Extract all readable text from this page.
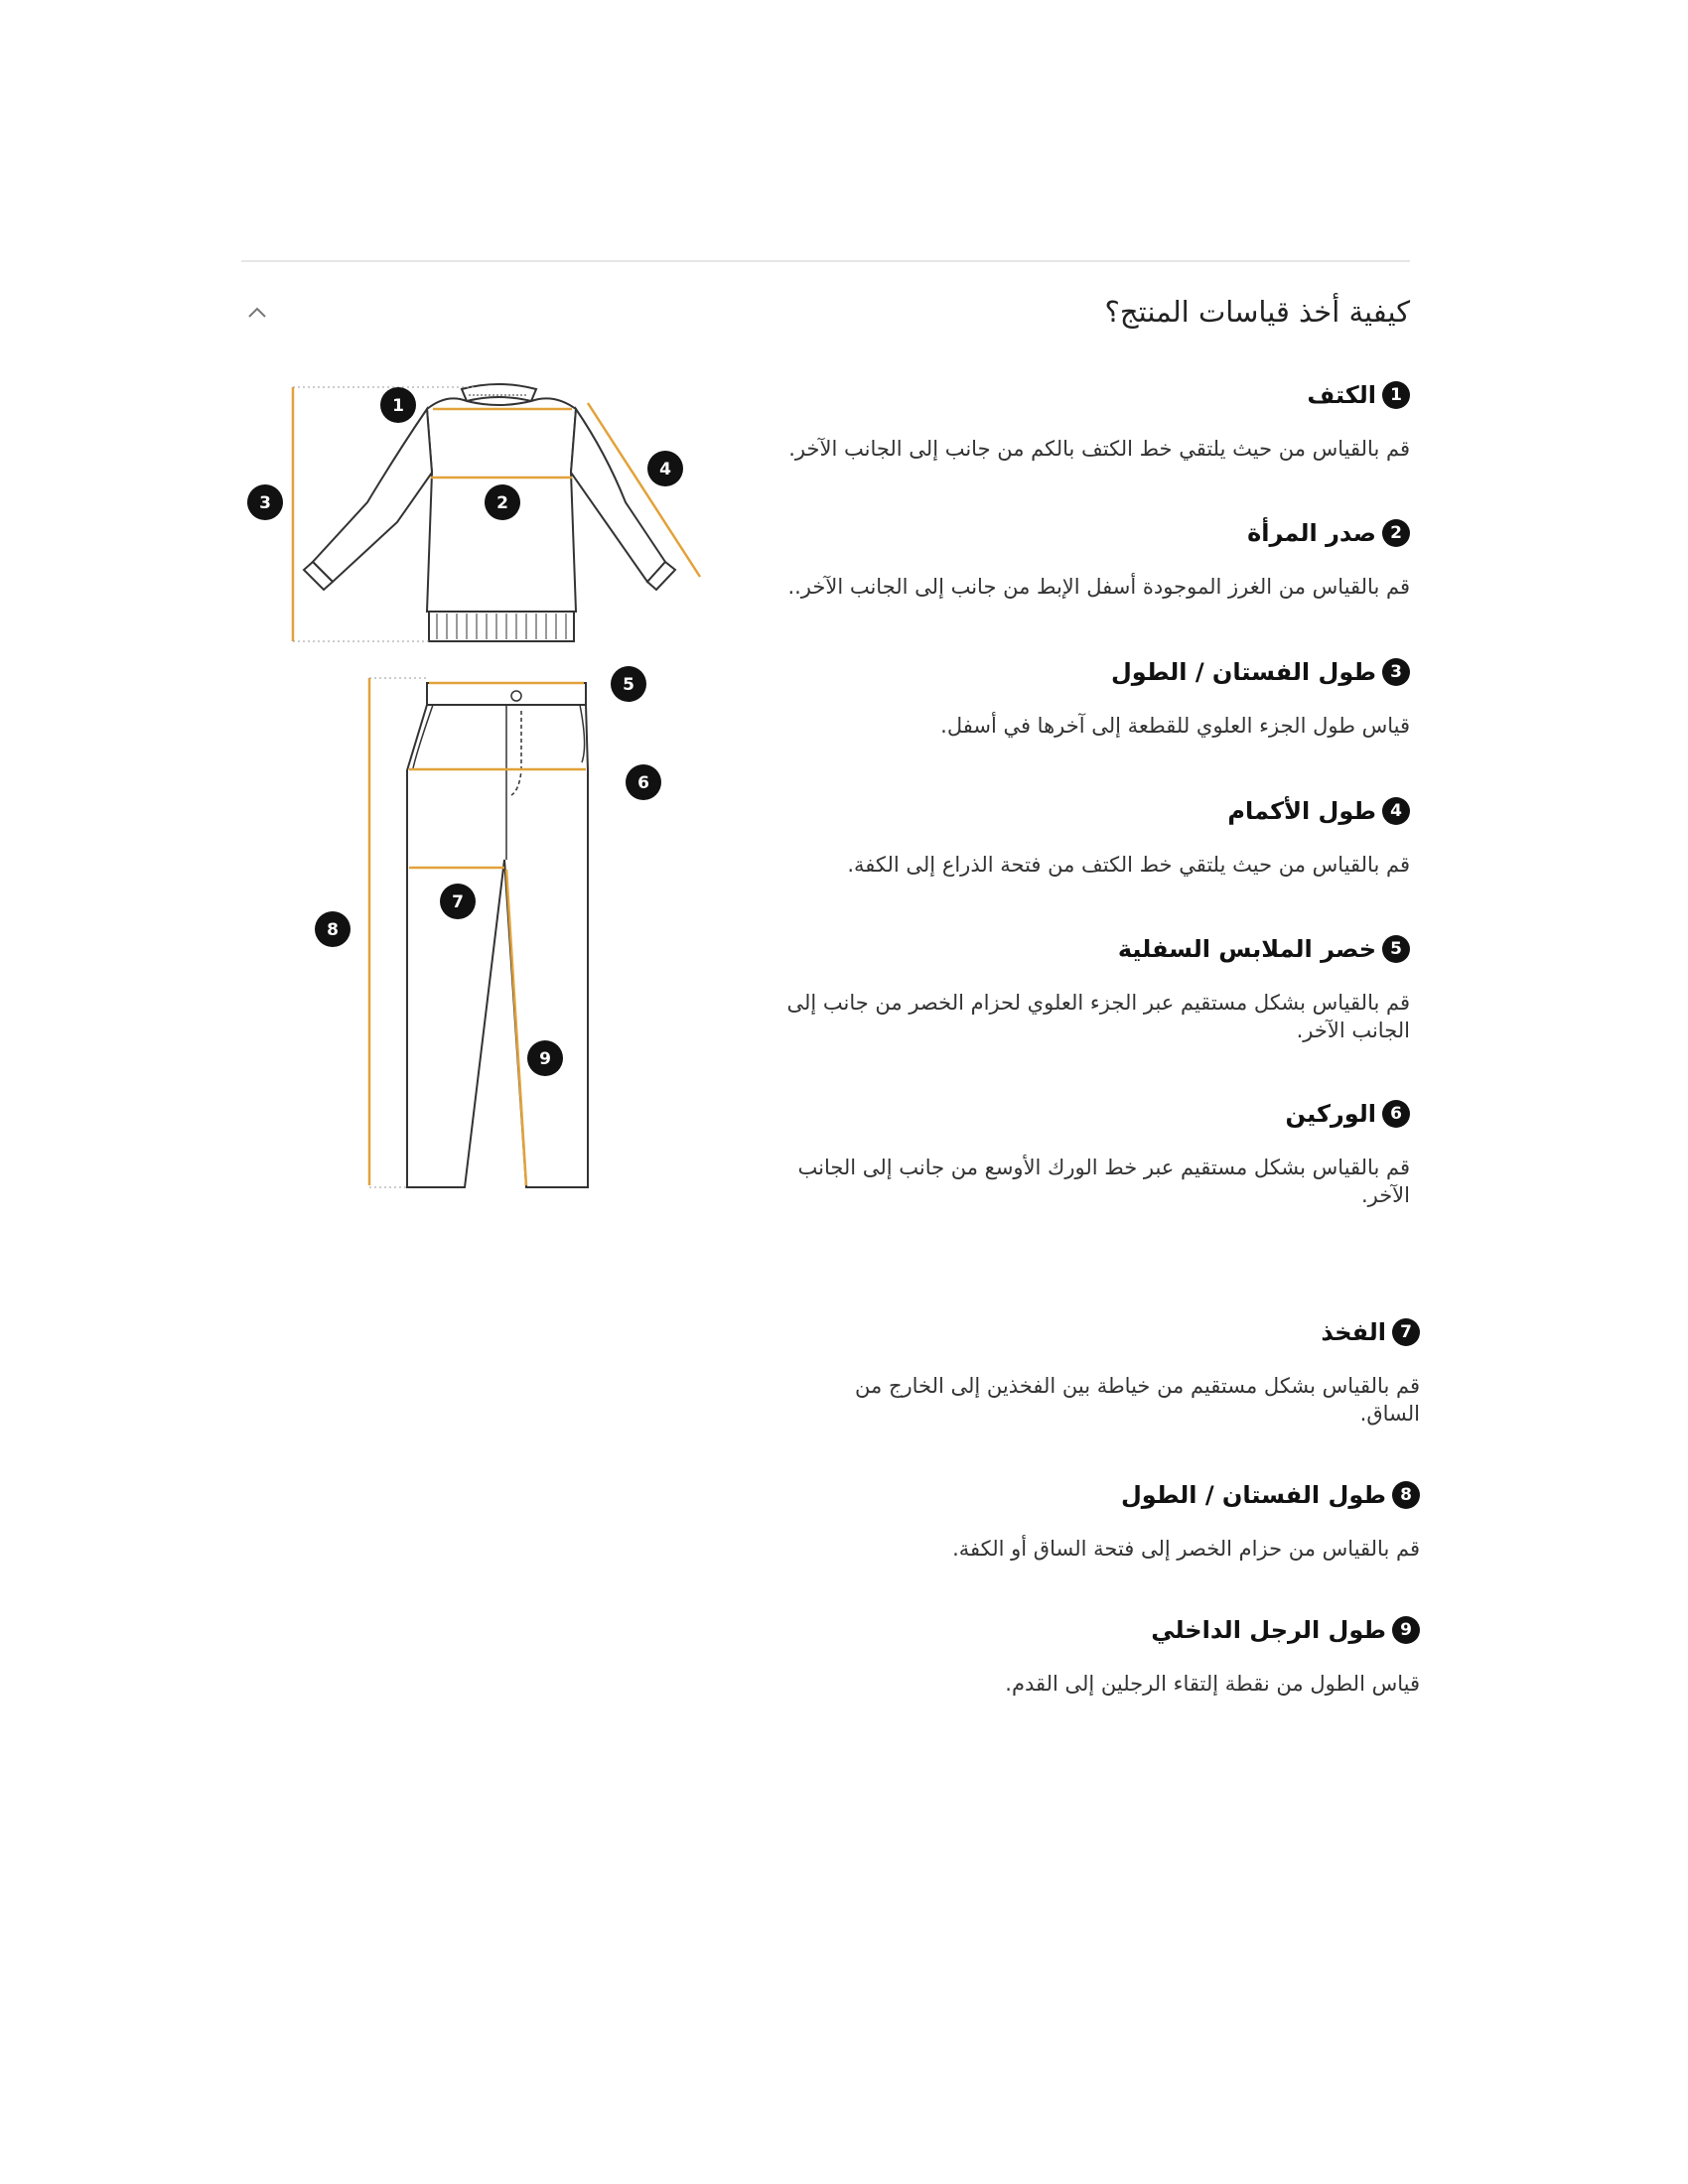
كيفية أخذ قياسات المنتج؟
1
الكتف
قم بالقياس من حيث يلتقي خط الكتف بالكم من جانب إلى الجانب الآخر.
2
صدر المرأة
قم بالقياس من الغرز الموجودة أسفل الإبط من جانب إلى الجانب الآخر..
3
طول الفستان / الطول
قياس طول الجزء العلوي للقطعة إلى آخرها في أسفل.
4
طول الأكمام
قم بالقياس من حيث يلتقي خط الكتف من فتحة الذراع إلى الكفة.
5
خصر الملابس السفلية
قم بالقياس بشكل مستقيم عبر الجزء العلوي لحزام الخصر من جانب إلى الجانب الآخر.
6
الوركين
قم بالقياس بشكل مستقيم عبر خط الورك الأوسع من جانب إلى الجانب الآخر.
7
الفخذ
قم بالقياس بشكل مستقيم من خياطة بين الفخذين إلى الخارج من الساق.
8
طول الفستان / الطول
قم بالقياس من حزام الخصر إلى فتحة الساق أو الكفة.
9
طول الرجل الداخلي
قياس الطول من نقطة إلتقاء الرجلين إلى القدم.
1
2
3
4
5
6
7
8
9
